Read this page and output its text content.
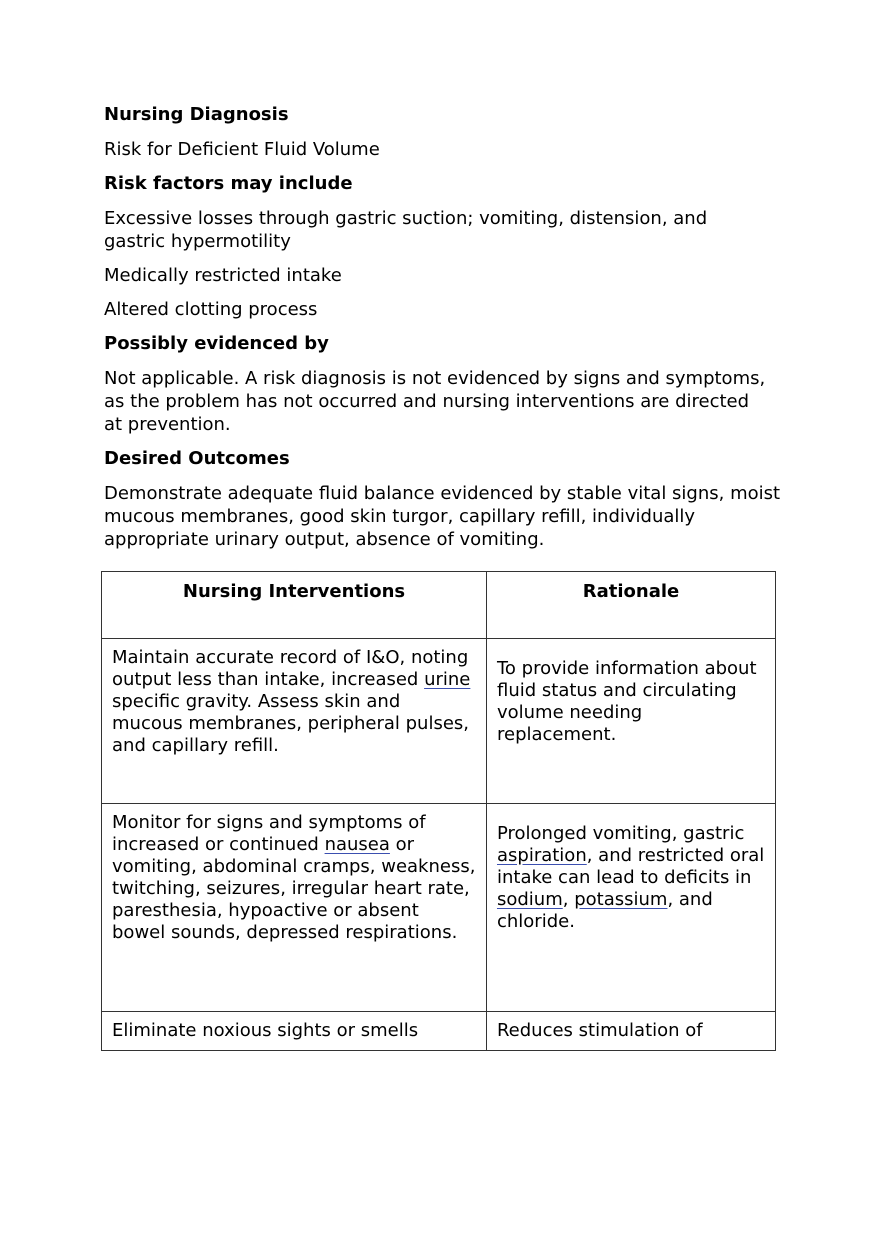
Nursing Diagnosis
Risk for Deficient Fluid Volume
Risk factors may include
Excessive losses through gastric suction; vomiting, distension, and gastric hypermotility
Medically restricted intake
Altered clotting process
Possibly evidenced by
Not applicable. A risk diagnosis is not evidenced by signs and symptoms, as the problem has not occurred and nursing interventions are directed at prevention.
Desired Outcomes
Demonstrate adequate fluid balance evidenced by stable vital signs, moist mucous membranes, good skin turgor, capillary refill, individually appropriate urinary output, absence of vomiting.
Nursing Interventions	Rationale
Maintain accurate record of I&O, noting output less than intake, increased urine specific gravity. Assess skin and mucous membranes, peripheral pulses, and capillary refill.	To provide information about fluid status and circulating volume needing replacement.
Monitor for signs and symptoms of increased or continued nausea or vomiting, abdominal cramps, weakness, twitching, seizures, irregular heart rate, paresthesia, hypoactive or absent bowel sounds, depressed respirations.	Prolonged vomiting, gastric aspiration, and restricted oral intake can lead to deficits in sodium, potassium, and chloride.
Eliminate noxious sights or smells	Reduces stimulation of
